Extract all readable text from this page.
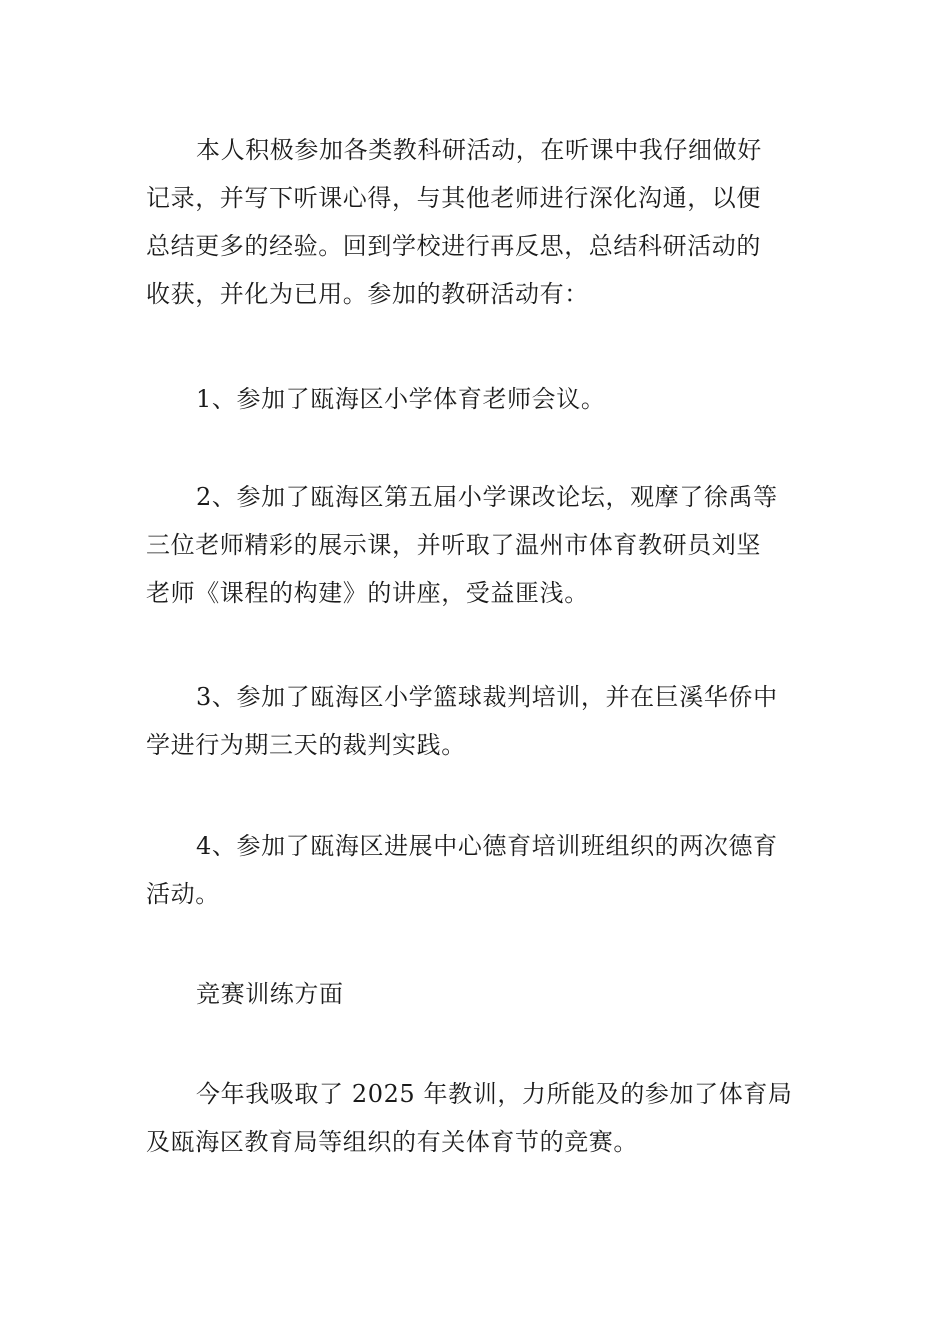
本人积极参加各类教科研活动，在听课中我仔细做好
记录，并写下听课心得，与其他老师进行深化沟通，以便
总结更多的经验。回到学校进行再反思，总结科研活动的
收获，并化为已用。参加的教研活动有：

1、参加了瓯海区小学体育老师会议。

2、参加了瓯海区第五届小学课改论坛，观摩了徐禹等
三位老师精彩的展示课，并听取了温州市体育教研员刘坚
老师《课程的构建》的讲座，受益匪浅。

3、参加了瓯海区小学篮球裁判培训，并在巨溪华侨中
学进行为期三天的裁判实践。

4、参加了瓯海区进展中心德育培训班组织的两次德育
活动。

竞赛训练方面

今年我吸取了 2025 年教训，力所能及的参加了体育局
及瓯海区教育局等组织的有关体育节的竞赛。
